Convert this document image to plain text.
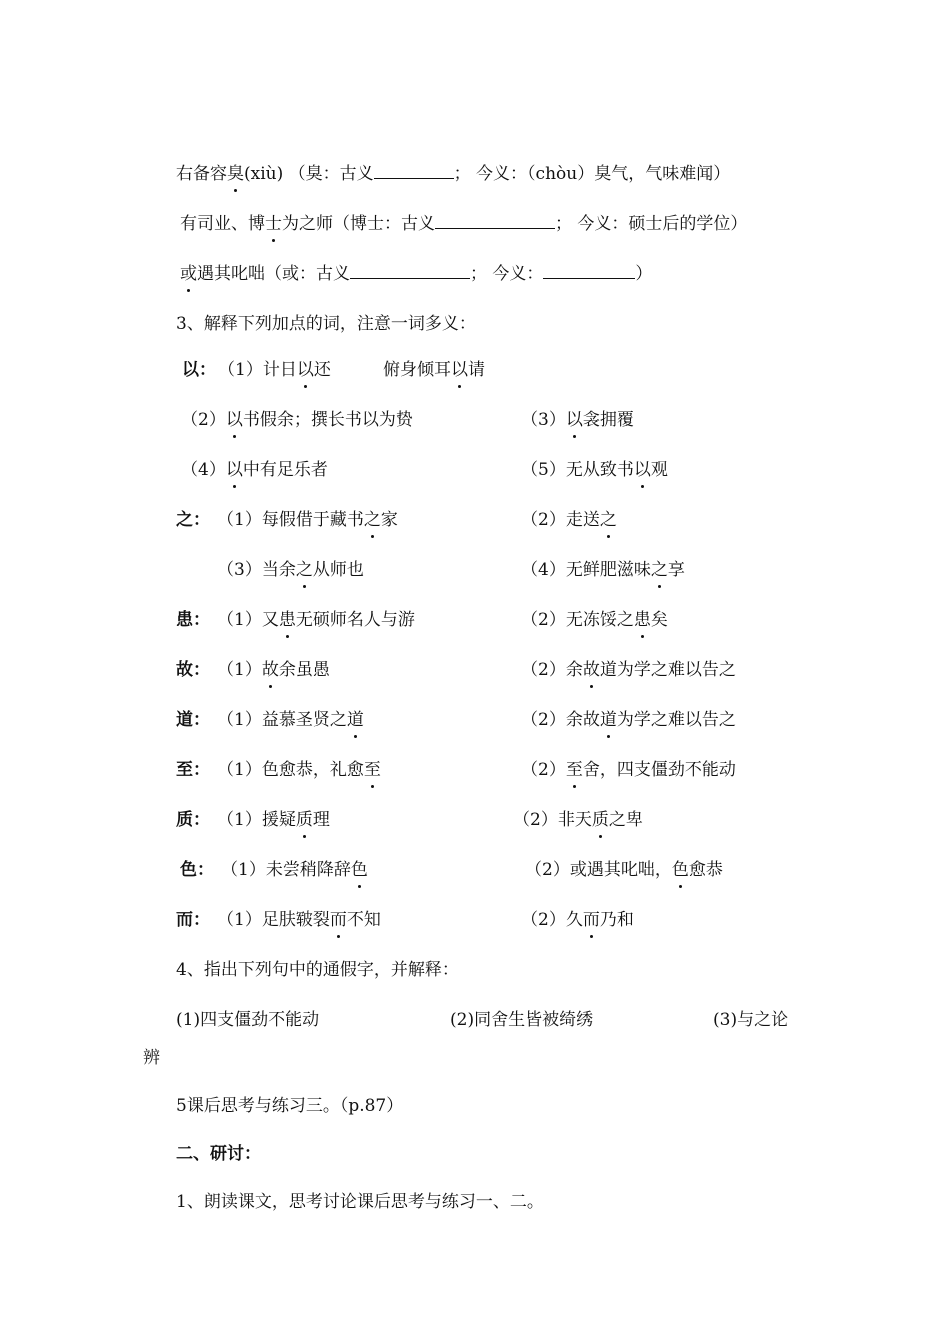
右备容臭(xiù) （臭：古义	； 今义：（chòu）臭气，气味难闻）
有司业、博士为之师（博士：古义	； 今义：硕士后的学位）
或遇其叱咄（或：古义	； 今义：	）
3、解释下列加点的词，注意一词多义：
以： （1）计日以还	俯身倾耳以请
（2）以书假余；撰长书以为贽	（3）以衾拥覆
（4）以中有足乐者	（5）无从致书以观
之： （1）每假借于藏书之家	（2）走送之
（3）当余之从师也	（4）无鲜肥滋味之享
患： （1）又患无硕师名人与游	（2）无冻馁之患矣
故： （1）故余虽愚	（2）余故道为学之难以告之
道： （1）益慕圣贤之道	（2）余故道为学之难以告之
至： （1）色愈恭，礼愈至	（2）至舍，四支僵劲不能动
质： （1）援疑质理	（2）非天质之卑
色： （1）未尝稍降辞色	（2）或遇其叱咄，色愈恭
而： （1）足肤皲裂而不知	（2）久而乃和
4、指出下列句中的通假字，并解释：
(1)四支僵劲不能动	(2)同舍生皆被绮绣	(3)与之论
辨
5课后思考与练习三。（p.87）
二、研讨：
1、朗读课文，思考讨论课后思考与练习一、二。
